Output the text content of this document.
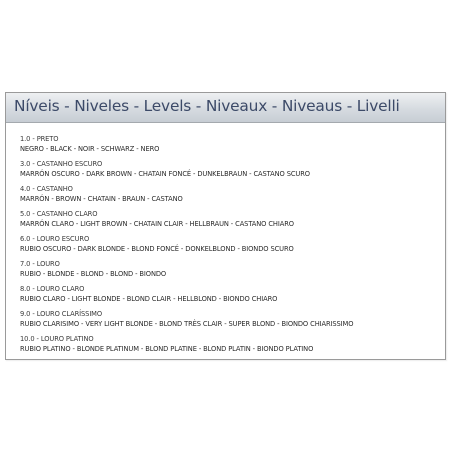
Níveis - Niveles - Levels - Niveaux - Niveaus - Livelli
1.0 - PRETO
NEGRO - BLACK - NOIR - SCHWARZ - NERO
3.0 - CASTANHO ESCURO
MARRÓN OSCURO - DARK BROWN - CHATAIN FONCÉ - DUNKELBRAUN - CASTANO SCURO
4.0 - CASTANHO
MARRÓN - BROWN - CHATAIN - BRAUN - CASTANO
5.0 - CASTANHO CLARO
MARRÓN CLARO - LIGHT BROWN - CHATAIN CLAIR - HELLBRAUN - CASTANO CHIARO
6.0 - LOURO ESCURO
RUBIO OSCURO - DARK BLONDE - BLOND FONCÉ - DONKELBLOND - BIONDO SCURO
7.0 - LOURO
RUBIO - BLONDE - BLOND - BLOND - BIONDO
8.0 - LOURO CLARO
RUBIO CLARO - LIGHT BLONDE - BLOND CLAIR - HELLBLOND - BIONDO CHIARO
9.0 - LOURO CLARÍSSIMO
RUBIO CLARISIMO - VERY LIGHT BLONDE - BLOND TRÈS CLAIR - SUPER BLOND - BIONDO CHIARISSIMO
10.0 - LOURO PLATINO
RUBIO PLATINO - BLONDE PLATINUM - BLOND PLATINE - BLOND PLATIN - BIONDO PLATINO
